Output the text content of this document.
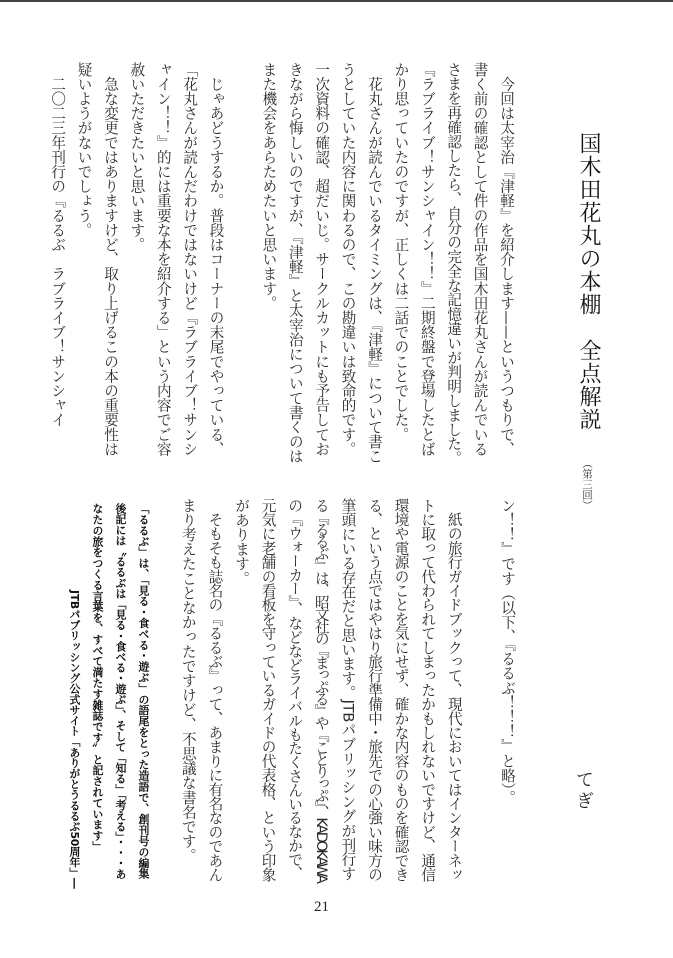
国木田花丸の本棚　全点解説
（第三回）
てぎ
　今回は太宰治『津軽』を紹介します——というつもりで、
書く前の確認として件の作品を国木田花丸さんが読んでいる
さまを再確認したら、自分の完全な記憶違いが判明しました。
『ラブライブ！サンシャイン！！』二期終盤で登場したとば
かり思っていたのですが、正しくは二話でのことでした。
　花丸さんが読んでいるタイミングは、『津軽』について書こ
うとしていた内容に関わるので、この勘違いは致命的です。
一次資料の確認、超だいじ。サークルカットにも予告してお
きながら悔しいのですが、『津軽』と太宰治について書くのは
また機会をあらためたいと思います。
　じゃあどうするか。普段はコーナーの末尾でやっている、
「花丸さんが読んだわけではないけど『ラブライブ！サンシ
ャイン！！』的には重要な本を紹介する」という内容でご容
赦いただきたいと思います。
　急な変更ではありますけど、取り上げるこの本の重要性は
疑いようがないでしょう。
　二〇二三年刊行の『るるぶ　ラブライブ！サンシャイ
ン！！』です（以下、『るるぶ！！！』と略）。
　紙の旅行ガイドブックって、現代においてはインターネッ
トに取って代わられてしまったかもしれないですけど、通信
環境や電源のことを気にせず、確かな内容のものを確認でき
る、という点ではやはり旅行準備中・旅先での心強い味方の
筆頭にいる存在だと思います。JTBパブリッシングが刊行す
る『るるぶ』は、昭文社の『まっぷる』や『ことりっぷ』、KADOKAWA
の『ウォーカー』、などなどライバルもたくさんいるなかで、
元気に老舗の看板を守っているガイドの代表格、という印象
があります。
　そもそも誌名の『るるぶ』って、あまりに有名なのであん
まり考えたことなかったですけど、不思議な書名です。
「るるぶ」は、「見る・食べる・遊ぶ」の語尾をとった造語で、創刊号の編集
後記には〝るるぶは「見る・食べる・遊ぶ」、そして「知る」「考える」・・・あ
なたの旅をつくる言葉を、すべて満たす雑誌です〟と記されています」
JTBパブリッシング公式サイト「ありがとうるるぶ50周年」―
21
